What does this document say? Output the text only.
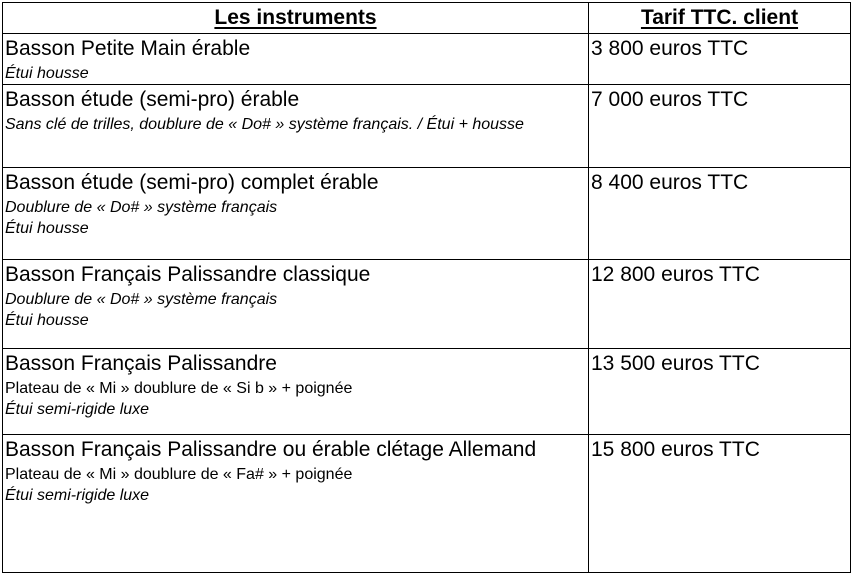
Les instruments	Tarif TTC. client

Basson Petite Main érable
Étui housse	3 800 euros TTC

Basson étude (semi-pro) érable
Sans clé de trilles, doublure de « Do# » système français. / Étui + housse	7 000 euros TTC

Basson étude (semi-pro) complet érable
Doublure de « Do# » système français
Étui housse	8 400 euros TTC

Basson Français Palissandre classique
Doublure de « Do# » système français
Étui housse	12 800 euros TTC

Basson Français Palissandre
Plateau de « Mi » doublure de « Si b » + poignée
Étui semi-rigide luxe	13 500 euros TTC

Basson Français Palissandre ou érable clétage Allemand
Plateau de « Mi » doublure de « Fa# » + poignée
Étui semi-rigide luxe	15 800 euros TTC
